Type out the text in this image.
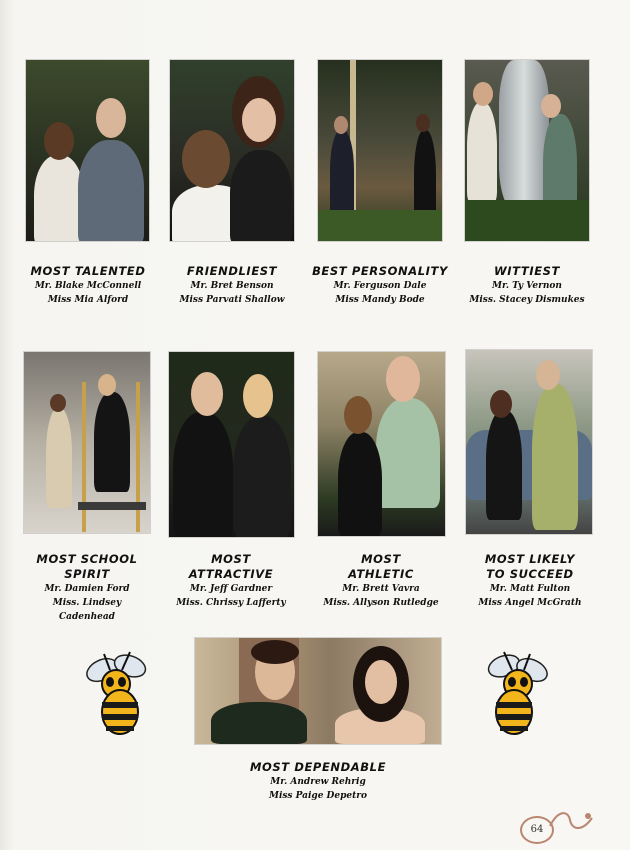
MOST TALENTED
Mr. Blake McConnell
Miss Mia Alford
FRIENDLIEST
Mr. Bret Benson
Miss Parvati Shallow
BEST PERSONALITY
Mr. Ferguson Dale
Miss Mandy Bode
WITTIEST
Mr. Ty Vernon
Miss. Stacey Dismukes
MOST SCHOOL
SPIRIT
Mr. Damien Ford
Miss. Lindsey
Cadenhead
MOST
ATTRACTIVE
Mr. Jeff Gardner
Miss. Chrissy Lafferty
MOST
ATHLETIC
Mr. Brett Vavra
Miss. Allyson Rutledge
MOST LIKELY
TO SUCCEED
Mr. Matt Fulton
Miss Angel McGrath
MOST DEPENDABLE
Mr. Andrew Rehrig
Miss Paige Depetro
64
